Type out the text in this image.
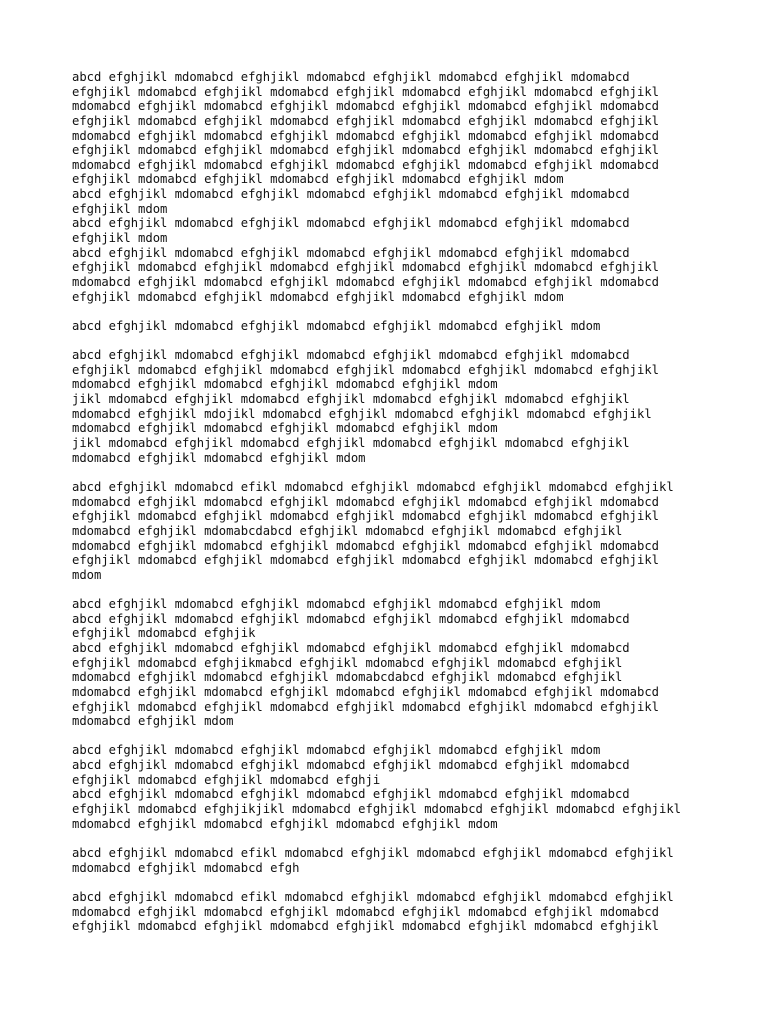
abcd efghjikl mdomabcd efghjikl mdomabcd efghjikl mdomabcd efghjikl mdomabcd
efghjikl mdomabcd efghjikl mdomabcd efghjikl mdomabcd efghjikl mdomabcd efghjikl
mdomabcd efghjikl mdomabcd efghjikl mdomabcd efghjikl mdomabcd efghjikl mdomabcd
efghjikl mdomabcd efghjikl mdomabcd efghjikl mdomabcd efghjikl mdomabcd efghjikl
mdomabcd efghjikl mdomabcd efghjikl mdomabcd efghjikl mdomabcd efghjikl mdomabcd
efghjikl mdomabcd efghjikl mdomabcd efghjikl mdomabcd efghjikl mdomabcd efghjikl
mdomabcd efghjikl mdomabcd efghjikl mdomabcd efghjikl mdomabcd efghjikl mdomabcd
efghjikl mdomabcd efghjikl mdomabcd efghjikl mdomabcd efghjikl mdom
abcd efghjikl mdomabcd efghjikl mdomabcd efghjikl mdomabcd efghjikl mdomabcd
efghjikl mdom
abcd efghjikl mdomabcd efghjikl mdomabcd efghjikl mdomabcd efghjikl mdomabcd
efghjikl mdom
abcd efghjikl mdomabcd efghjikl mdomabcd efghjikl mdomabcd efghjikl mdomabcd
efghjikl mdomabcd efghjikl mdomabcd efghjikl mdomabcd efghjikl mdomabcd efghjikl
mdomabcd efghjikl mdomabcd efghjikl mdomabcd efghjikl mdomabcd efghjikl mdomabcd
efghjikl mdomabcd efghjikl mdomabcd efghjikl mdomabcd efghjikl mdom
abcd efghjikl mdomabcd efghjikl mdomabcd efghjikl mdomabcd efghjikl mdom
abcd efghjikl mdomabcd efghjikl mdomabcd efghjikl mdomabcd efghjikl mdomabcd
efghjikl mdomabcd efghjikl mdomabcd efghjikl mdomabcd efghjikl mdomabcd efghjikl
mdomabcd efghjikl mdomabcd efghjikl mdomabcd efghjikl mdom
jikl mdomabcd efghjikl mdomabcd efghjikl mdomabcd efghjikl mdomabcd efghjikl
mdomabcd efghjikl mdojikl mdomabcd efghjikl mdomabcd efghjikl mdomabcd efghjikl
mdomabcd efghjikl mdomabcd efghjikl mdomabcd efghjikl mdom
jikl mdomabcd efghjikl mdomabcd efghjikl mdomabcd efghjikl mdomabcd efghjikl
mdomabcd efghjikl mdomabcd efghjikl mdom
abcd efghjikl mdomabcd efikl mdomabcd efghjikl mdomabcd efghjikl mdomabcd efghjikl
mdomabcd efghjikl mdomabcd efghjikl mdomabcd efghjikl mdomabcd efghjikl mdomabcd
efghjikl mdomabcd efghjikl mdomabcd efghjikl mdomabcd efghjikl mdomabcd efghjikl
mdomabcd efghjikl mdomabcdabcd efghjikl mdomabcd efghjikl mdomabcd efghjikl
mdomabcd efghjikl mdomabcd efghjikl mdomabcd efghjikl mdomabcd efghjikl mdomabcd
efghjikl mdomabcd efghjikl mdomabcd efghjikl mdomabcd efghjikl mdomabcd efghjikl
mdom
abcd efghjikl mdomabcd efghjikl mdomabcd efghjikl mdomabcd efghjikl mdom
abcd efghjikl mdomabcd efghjikl mdomabcd efghjikl mdomabcd efghjikl mdomabcd
efghjikl mdomabcd efghjik
abcd efghjikl mdomabcd efghjikl mdomabcd efghjikl mdomabcd efghjikl mdomabcd
efghjikl mdomabcd efghjikmabcd efghjikl mdomabcd efghjikl mdomabcd efghjikl
mdomabcd efghjikl mdomabcd efghjikl mdomabcdabcd efghjikl mdomabcd efghjikl
mdomabcd efghjikl mdomabcd efghjikl mdomabcd efghjikl mdomabcd efghjikl mdomabcd
efghjikl mdomabcd efghjikl mdomabcd efghjikl mdomabcd efghjikl mdomabcd efghjikl
mdomabcd efghjikl mdom
abcd efghjikl mdomabcd efghjikl mdomabcd efghjikl mdomabcd efghjikl mdom
abcd efghjikl mdomabcd efghjikl mdomabcd efghjikl mdomabcd efghjikl mdomabcd
efghjikl mdomabcd efghjikl mdomabcd efghji
abcd efghjikl mdomabcd efghjikl mdomabcd efghjikl mdomabcd efghjikl mdomabcd
efghjikl mdomabcd efghjikjikl mdomabcd efghjikl mdomabcd efghjikl mdomabcd efghjikl
mdomabcd efghjikl mdomabcd efghjikl mdomabcd efghjikl mdom
abcd efghjikl mdomabcd efikl mdomabcd efghjikl mdomabcd efghjikl mdomabcd efghjikl
mdomabcd efghjikl mdomabcd efgh
abcd efghjikl mdomabcd efikl mdomabcd efghjikl mdomabcd efghjikl mdomabcd efghjikl
mdomabcd efghjikl mdomabcd efghjikl mdomabcd efghjikl mdomabcd efghjikl mdomabcd
efghjikl mdomabcd efghjikl mdomabcd efghjikl mdomabcd efghjikl mdomabcd efghjikl
